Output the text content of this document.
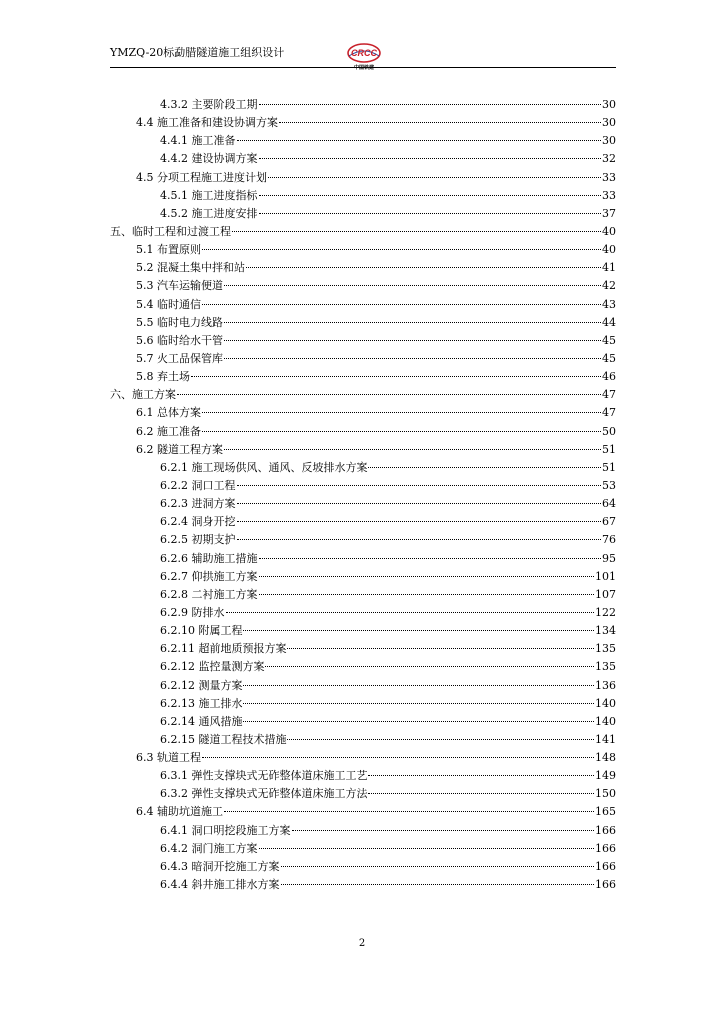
YMZQ-20标勐腊隧道施工组织设计	CRCC
中国铁建
4.3.2 主要阶段工期	30
4.4 施工准备和建设协调方案	30
4.4.1 施工准备	30
4.4.2 建设协调方案	32
4.5 分项工程施工进度计划	33
4.5.1 施工进度指标	33
4.5.2 施工进度安排	37
五、临时工程和过渡工程	40
5.1 布置原则	40
5.2 混凝土集中拌和站	41
5.3 汽车运输便道	42
5.4 临时通信	43
5.5 临时电力线路	44
5.6 临时给水干管	45
5.7 火工品保管库	45
5.8 弃土场	46
六、施工方案	47
6.1 总体方案	47
6.2 施工准备	50
6.2 隧道工程方案	51
6.2.1 施工现场供风、通风、反坡排水方案	51
6.2.2 洞口工程	53
6.2.3 进洞方案	64
6.2.4 洞身开挖	67
6.2.5 初期支护	76
6.2.6 辅助施工措施	95
6.2.7 仰拱施工方案	101
6.2.8 二衬施工方案	107
6.2.9 防排水	122
6.2.10 附属工程	134
6.2.11 超前地质预报方案	135
6.2.12 监控量测方案	135
6.2.12 测量方案	136
6.2.13 施工排水	140
6.2.14 通风措施	140
6.2.15 隧道工程技术措施	141
6.3 轨道工程	148
6.3.1 弹性支撑块式无砟整体道床施工工艺	149
6.3.2 弹性支撑块式无砟整体道床施工方法	150
6.4 辅助坑道施工	165
6.4.1 洞口明挖段施工方案	166
6.4.2 洞门施工方案	166
6.4.3 暗洞开挖施工方案	166
6.4.4 斜井施工排水方案	166
2
